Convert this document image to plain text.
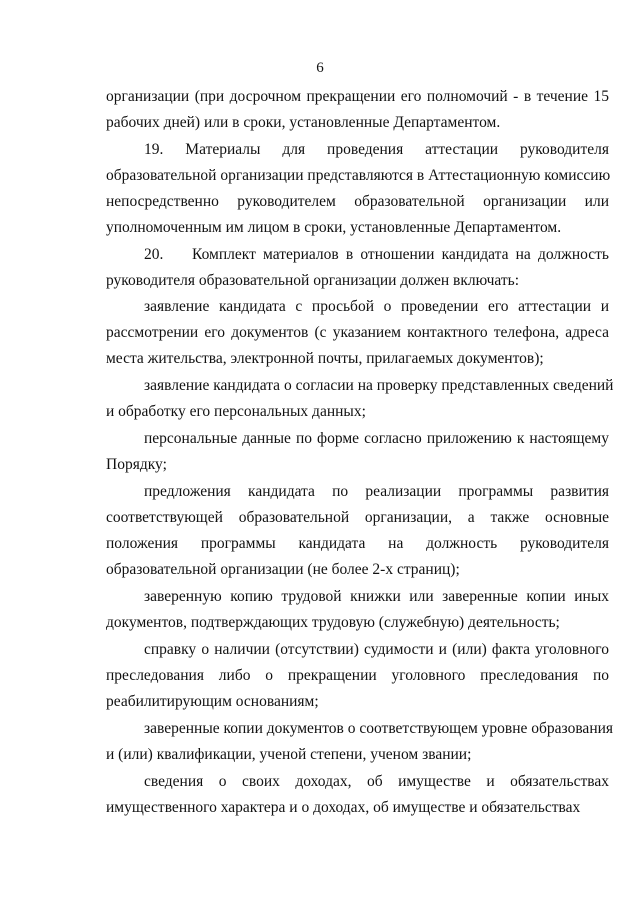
6
организации (при досрочном прекращении его полномочий - в течение 15
рабочих дней) или в сроки, установленные Департаментом.
19.     Материалы     для     проведения     аттестации     руководителя
образовательной организации представляются в Аттестационную комиссию
непосредственно руководителем образовательной организации или
уполномоченным им лицом в сроки, установленные Департаментом.
20.    Комплект материалов в отношении кандидата на должность
руководителя образовательной организации должен включать:
заявление кандидата с просьбой о проведении его аттестации и
рассмотрении его документов (с указанием контактного телефона, адреса
места жительства, электронной почты, прилагаемых документов);
заявление кандидата о согласии на проверку представленных сведений
и обработку его персональных данных;
персональные данные по форме согласно приложению к настоящему
Порядку;
предложения кандидата по реализации программы развития
соответствующей образовательной организации, а также основные
положения программы кандидата на должность руководителя
образовательной организации (не более 2-х страниц);
заверенную копию трудовой книжки или заверенные копии иных
документов, подтверждающих трудовую (служебную) деятельность;
справку о наличии (отсутствии) судимости и (или) факта уголовного
преследования либо о прекращении уголовного преследования по
реабилитирующим основаниям;
заверенные копии документов о соответствующем уровне образования
и (или) квалификации, ученой степени, ученом звании;
сведения о своих доходах, об имуществе и обязательствах
имущественного характера и о доходах, об имуществе и обязательствах
